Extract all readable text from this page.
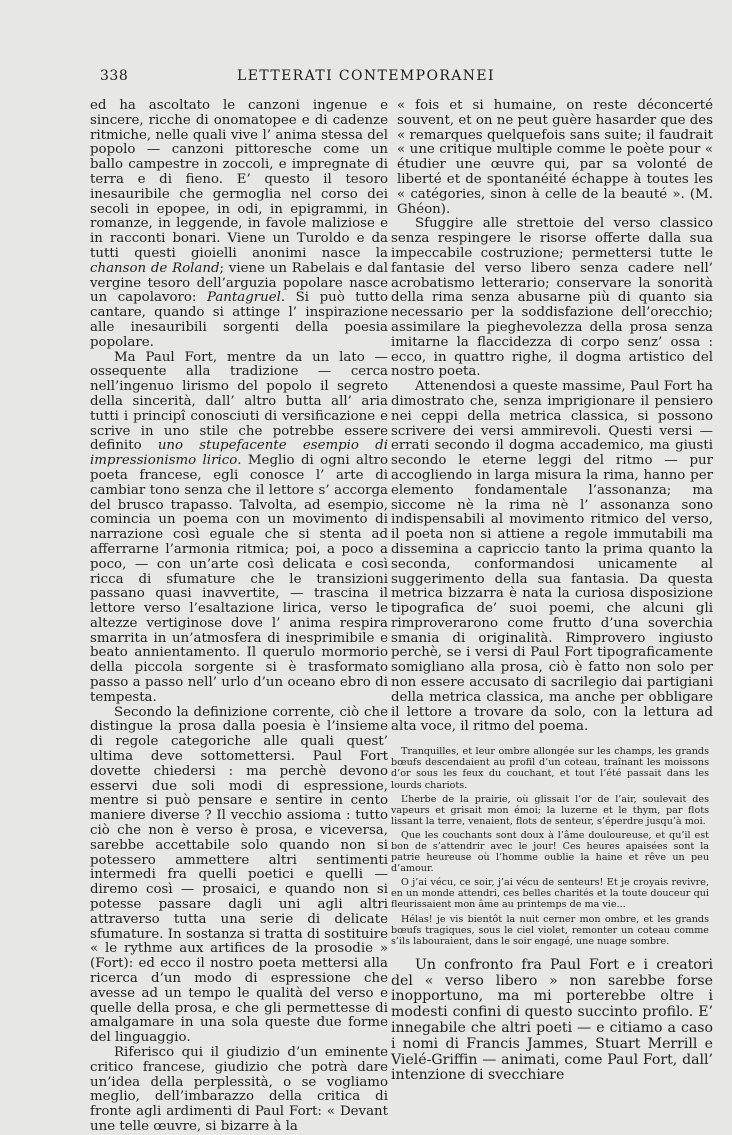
338	LETTERATI CONTEMPORANEI

ed ha ascoltato le canzoni ingenue e sincere, ricche di onomatopee e di cadenze ritmiche, nelle quali vive l’ anima stessa del popolo — canzoni pittoresche come un ballo campestre in zoccoli, e impregnate di terra e di fieno. E’ questo il tesoro inesauribile che germoglia nel corso dei secoli in epopee, in odi, in epigrammi, in romanze, in leggende, in favole maliziose e in racconti bonari. Viene un Turoldo e da tutti questi gioielli anonimi nasce la chanson de Roland; viene un Rabelais e dal vergine tesoro dell’arguzia popolare nasce un capolavoro: Pantagruel. Si può tutto cantare, quando si attinge l’ inspirazione alle inesauribili sorgenti della poesia popolare.

Ma Paul Fort, mentre da un lato — ossequente alla tradizione — cerca nell’ingenuo lirismo del popolo il segreto della sincerità, dall’ altro butta all’ aria tutti i principî conosciuti di versificazione e scrive in uno stile che potrebbe essere definito uno stupefacente esempio di impressionismo lirico. Meglio di ogni altro poeta francese, egli conosce l’ arte di cambiar tono senza che il lettore s’ accorga del brusco trapasso. Talvolta, ad esempio, comincia un poema con un movimento di narrazione così eguale che si stenta ad afferrarne l’armonia ritmica; poi, a poco a poco, — con un’arte così delicata e così ricca di sfumature che le transizioni passano quasi inavvertite, — trascina il lettore verso l’esaltazione lirica, verso le altezze vertiginose dove l’ anima respira smarrita in un’atmosfera di inesprimibile e beato annientamento. Il querulo mormorio della piccola sorgente si è trasformato passo a passo nell’ urlo d’un oceano ebro di tempesta.

Secondo la definizione corrente, ciò che distingue la prosa dalla poesia è l’insieme di regole categoriche alle quali quest’ ultima deve sottomettersi. Paul Fort dovette chiedersi : ma perchè devono esservi due soli modi di espressione, mentre si può pensare e sentire in cento maniere diverse ? Il vecchio assioma : tutto ciò che non è verso è prosa, e viceversa, sarebbe accettabile solo quando non si potessero ammettere altri sentimenti intermedi fra quelli poetici e quelli — diremo così — prosaici, e quando non si potesse passare dagli uni agli altri attraverso tutta una serie di delicate sfumature. In sostanza si tratta di sostituire « le rythme aux artifices de la prosodie » (Fort): ed ecco il nostro poeta mettersi alla ricerca d’un modo di espressione che avesse ad un tempo le qualità del verso e quelle della prosa, e che gli permettesse di amalgamare in una sola queste due forme del linguaggio.

Riferisco qui il giudizio d’un eminente critico francese, giudizio che potrà dare un’idea della perplessità, o se vogliamo meglio, dell’imbarazzo della critica di fronte agli ardimenti di Paul Fort: « Devant une telle œuvre, si bizarre à la

« fois et si humaine, on reste déconcerté souvent, et on ne peut guère hasarder que des « remarques quelquefois sans suite; il faudrait « une critique multiple comme le poète pour « étudier une œuvre qui, par sa volonté de liberté et de spontanéité échappe à toutes les « catégories, sinon à celle de la beauté ». (M. Ghéon).

Sfuggire alle strettoie del verso classico senza respingere le risorse offerte dalla sua impeccabile costruzione; permettersi tutte le fantasie del verso libero senza cadere nell’ acrobatismo letterario; conservare la sonorità della rima senza abusarne più di quanto sia necessario per la soddisfazione dell’orecchio; assimilare la pieghevolezza della prosa senza imitarne la flaccidezza di corpo senz’ ossa : ecco, in quattro righe, il dogma artistico del nostro poeta.

Attenendosi a queste massime, Paul Fort ha dimostrato che, senza imprigionare il pensiero nei ceppi della metrica classica, si possono scrivere dei versi ammirevoli. Questi versi — errati secondo il dogma accademico, ma giusti secondo le eterne leggi del ritmo — pur accogliendo in larga misura la rima, hanno per elemento fondamentale l’assonanza; ma siccome nè la rima nè l’ assonanza sono indispensabili al movimento ritmico del verso, il poeta non si attiene a regole immutabili ma dissemina a capriccio tanto la prima quanto la seconda, conformandosi unicamente al suggerimento della sua fantasia. Da questa metrica bizzarra è nata la curiosa disposizione tipografica de’ suoi poemi, che alcuni gli rimproverarono come frutto d’una soverchia smania di originalità. Rimprovero ingiusto perchè, se i versi di Paul Fort tipograficamente somigliano alla prosa, ciò è fatto non solo per non essere accusato di sacrilegio dai partigiani della metrica classica, ma anche per obbligare il lettore a trovare da solo, con la lettura ad alta voce, il ritmo del poema.

Tranquilles, et leur ombre allongée sur les champs, les grands bœufs descendaient au profil d’un coteau, traînant les moissons d’or sous les feux du couchant, et tout l’été passait dans les lourds chariots.

L’herbe de la prairie, où glissait l’or de l’air, soulevait des vapeurs et grisait mon émoi; la luzerne et le thym, par flots lissant la terre, venaient, flots de senteur, s’éperdre jusqu’à moi.

Que les couchants sont doux à l’âme douloureuse, et qu’il est bon de s’attendrir avec le jour! Ces heures apaisées sont la patrie heureuse où l’homme oublie la haine et rêve un peu d’amour.

O j’ai vécu, ce soir, j’ai vécu de senteurs! Et je croyais revivre, en un monde attendri, ces belles charités et la toute douceur qui fleurissaient mon âme au printemps de ma vie...

Hélas! je vis bientôt la nuit cerner mon ombre, et les grands bœufs tragiques, sous le ciel violet, remonter un coteau comme s’ils labouraient, dans le soir engagé, une nuage sombre.

Un confronto fra Paul Fort e i creatori del « verso libero » non sarebbe forse inopportuno, ma mi porterebbe oltre i modesti confini di questo succinto profilo. E’ innegabile che altri poeti — e citiamo a caso i nomi di Francis Jammes, Stuart Merrill e Vielé-Griffin — animati, come Paul Fort, dall’ intenzione di svecchiare
